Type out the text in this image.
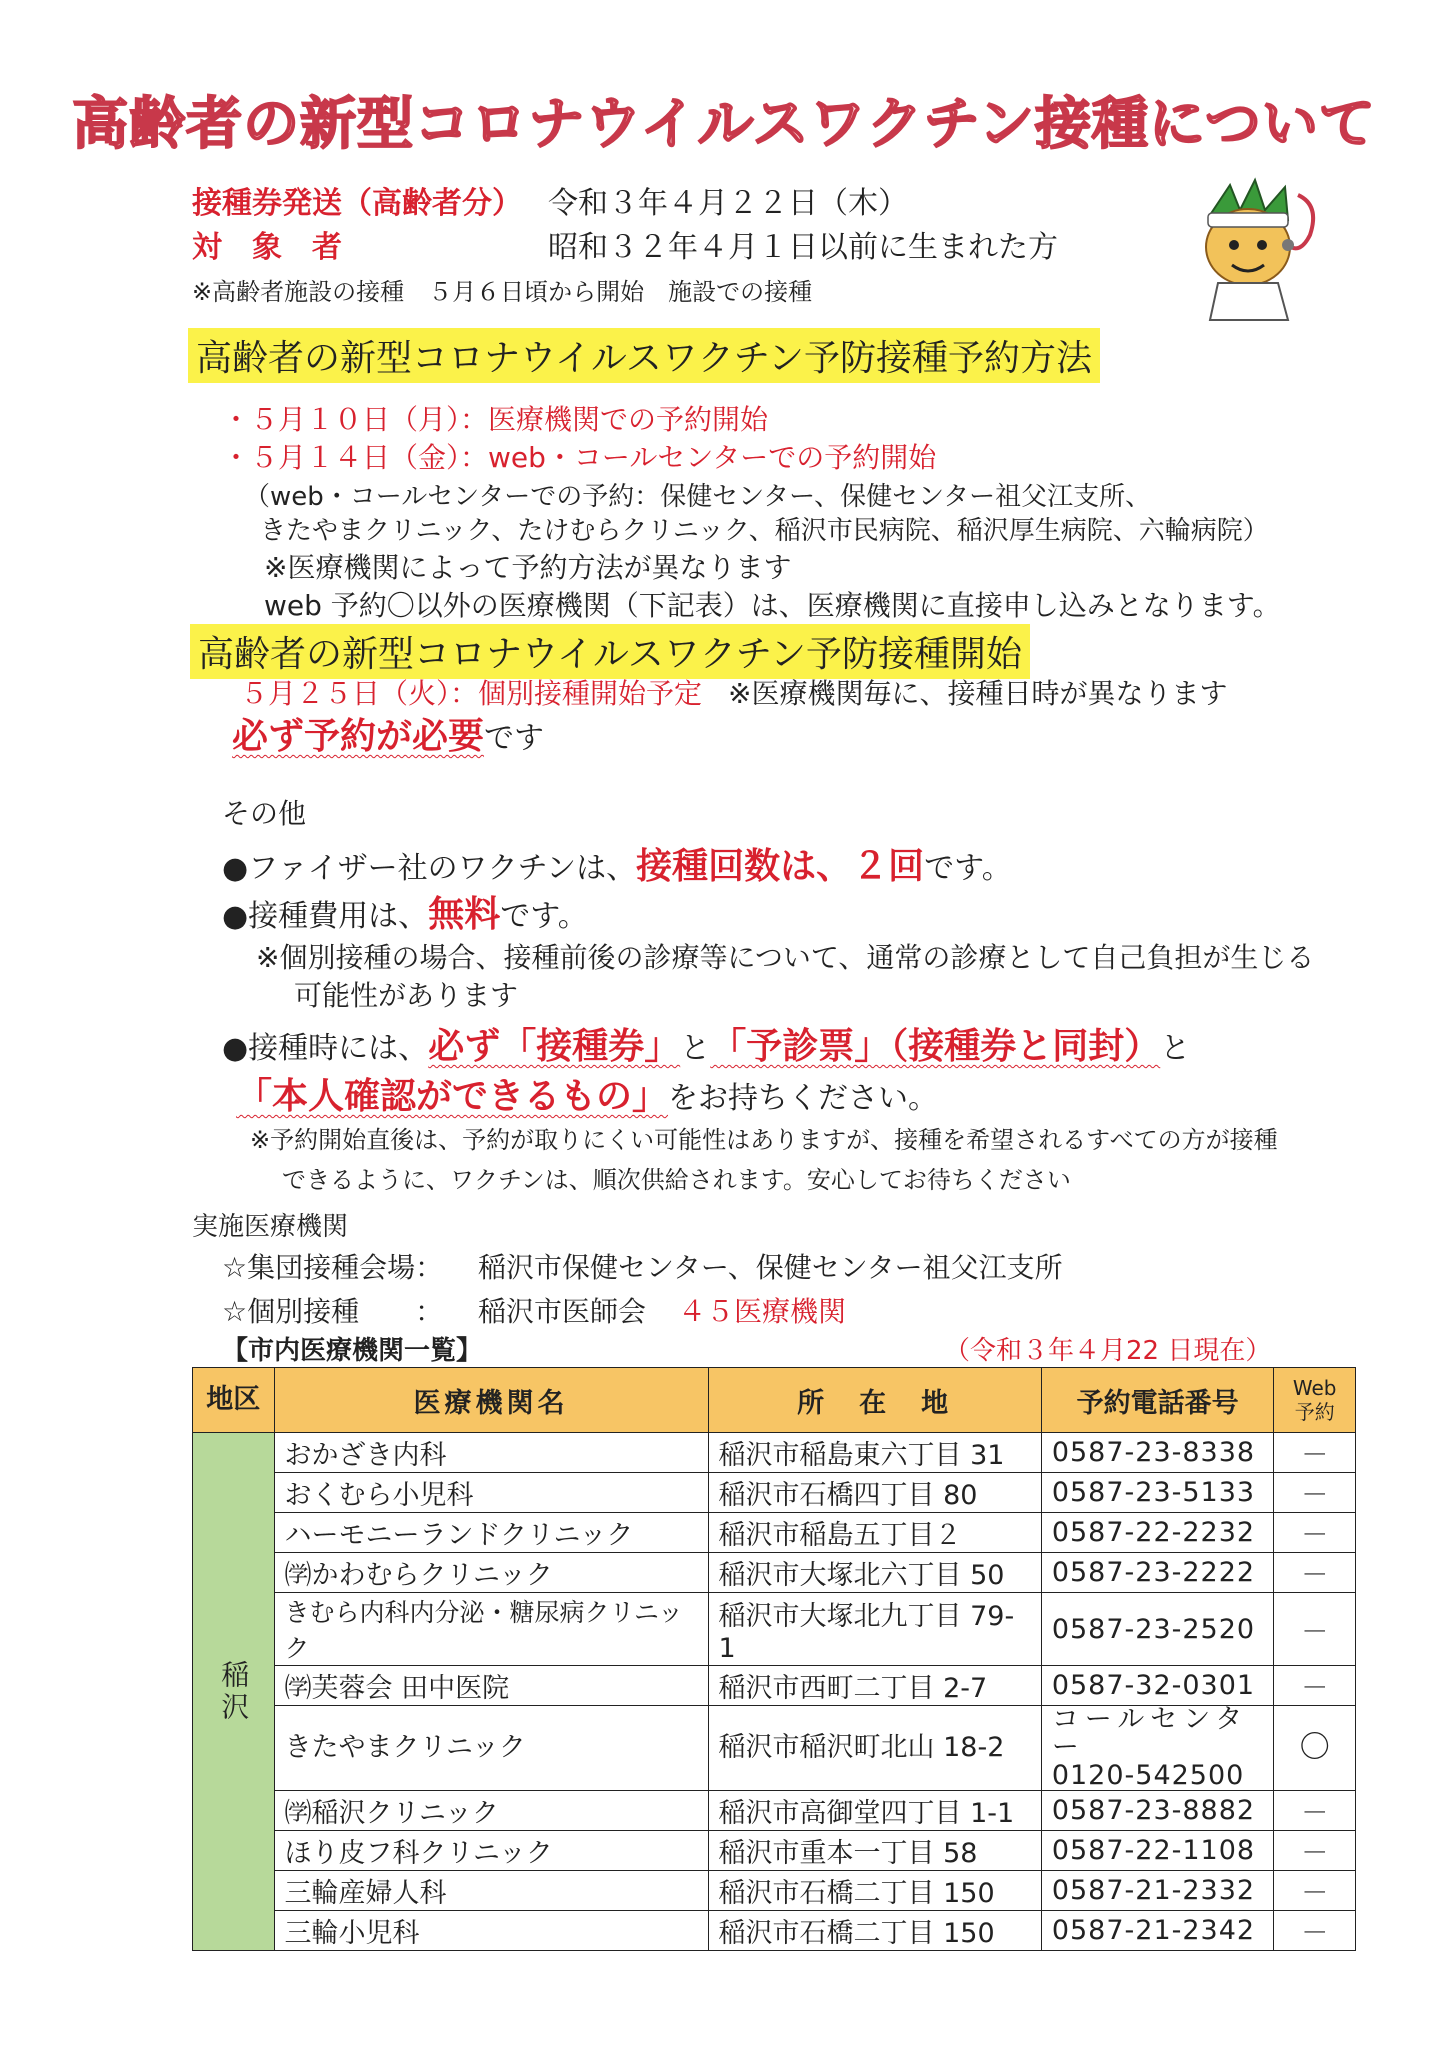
高齢者の新型コロナウイルスワクチン接種について
接種券発送（高齢者分） 令和３年４月２２日（木）
対　象　者	昭和３２年４月１日以前に生まれた方
※高齢者施設の接種　５月６日頃から開始　施設での接種
高齢者の新型コロナウイルスワクチン予防接種予約方法
・５月１０日（月）：医療機関での予約開始
・５月１４日（金）：web・コールセンターでの予約開始
（web・コールセンターでの予約：保健センター、保健センター祖父江支所、
きたやまクリニック、たけむらクリニック、稲沢市民病院、稲沢厚生病院、六輪病院）
※医療機関によって予約方法が異なります
web 予約〇以外の医療機関（下記表）は、医療機関に直接申し込みとなります。
高齢者の新型コロナウイルスワクチン予防接種開始
５月２５日（火）：個別接種開始予定 ※医療機関毎に、接種日時が異なります
必ず予約が必要です
その他
●ファイザー社のワクチンは、接種回数は、２回です。
●接種費用は、無料です。
※個別接種の場合、接種前後の診療等について、通常の診療として自己負担が生じる
可能性があります
●接種時には、必ず「接種券」と「予診票」（接種券と同封）と
「本人確認ができるもの」をお持ちください。
※予約開始直後は、予約が取りにくい可能性はありますが、接種を希望されるすべての方が接種
できるように、ワクチンは、順次供給されます。安心してお待ちください
実施医療機関
☆集団接種会場： 稲沢市保健センター、保健センター祖父江支所
☆個別接種　　： 稲沢市医師会 ４５医療機関
【市内医療機関一覧】	（令和３年４月22 日現在）
地区	医療機関名	所　在　地	予約電話番号	Web予約
稲沢	おかざき内科	稲沢市稲島東六丁目 31	0587-23-8338	－
	おくむら小児科	稲沢市石橋四丁目 80	0587-23-5133	－
	ハーモニーランドクリニック	稲沢市稲島五丁目２	0587-22-2232	－
	㈻かわむらクリニック	稲沢市大塚北六丁目 50	0587-23-2222	－
	きむら内科内分泌・糖尿病クリニック	稲沢市大塚北九丁目 79-1	0587-23-2520	－
	㈻芙蓉会 田中医院	稲沢市西町二丁目 2-7	0587-32-0301	－
	きたやまクリニック	稲沢市稲沢町北山 18-2	コールセンター
0120-542500	〇
	㈻稲沢クリニック	稲沢市高御堂四丁目 1-1	0587-23-8882	－
	ほり皮フ科クリニック	稲沢市重本一丁目 58	0587-22-1108	－
	三輪産婦人科	稲沢市石橋二丁目 150	0587-21-2332	－
	三輪小児科	稲沢市石橋二丁目 150	0587-21-2342	－
